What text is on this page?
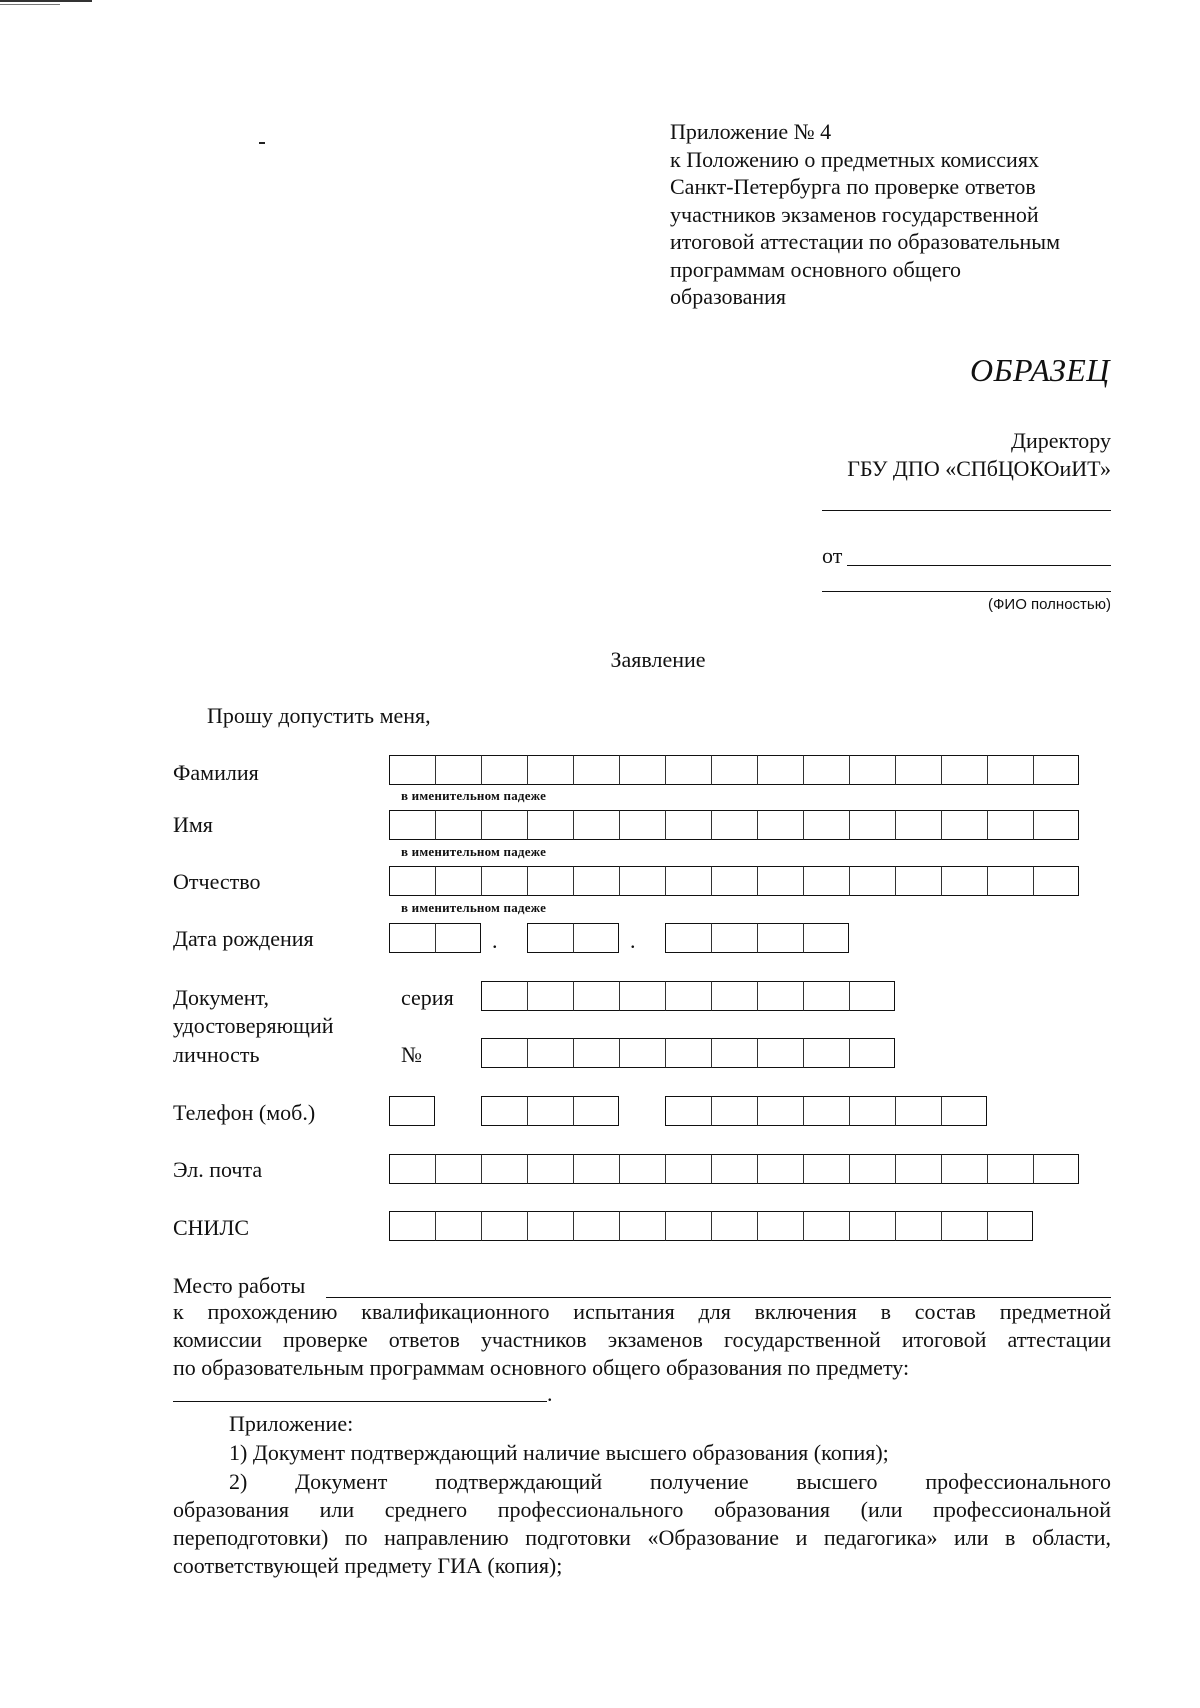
Приложение № 4
к Положению о предметных комиссиях
Санкт-Петербурга по проверке ответов
участников экзаменов государственной
итоговой аттестации по образовательным
программам основного общего
образования
ОБРАЗЕЦ
Директору
ГБУ ДПО «СПбЦОКОиИТ»
от
(ФИО полностью)
Заявление
Прошу допустить меня,
Фамилия
в именительном падеже
Имя
в именительном падеже
Отчество
в именительном падеже
Дата рождения	.	.
Документ,
удостоверяющий
личность
серия
№
Телефон (моб.)
Эл. почта
СНИЛС
Место работы
к прохождению квалификационного испытания для включения в состав предметной
комиссии проверке ответов участников экзаменов государственной итоговой аттестации
по образовательным программам основного общего образования по предмету:
.
Приложение:
1) Документ подтверждающий наличие высшего образования (копия);
2) Документ подтверждающий получение высшего профессионального
образования или среднего профессионального образования (или профессиональной
переподготовки) по направлению подготовки «Образование и педагогика» или в области,
соответствующей предмету ГИА (копия);
